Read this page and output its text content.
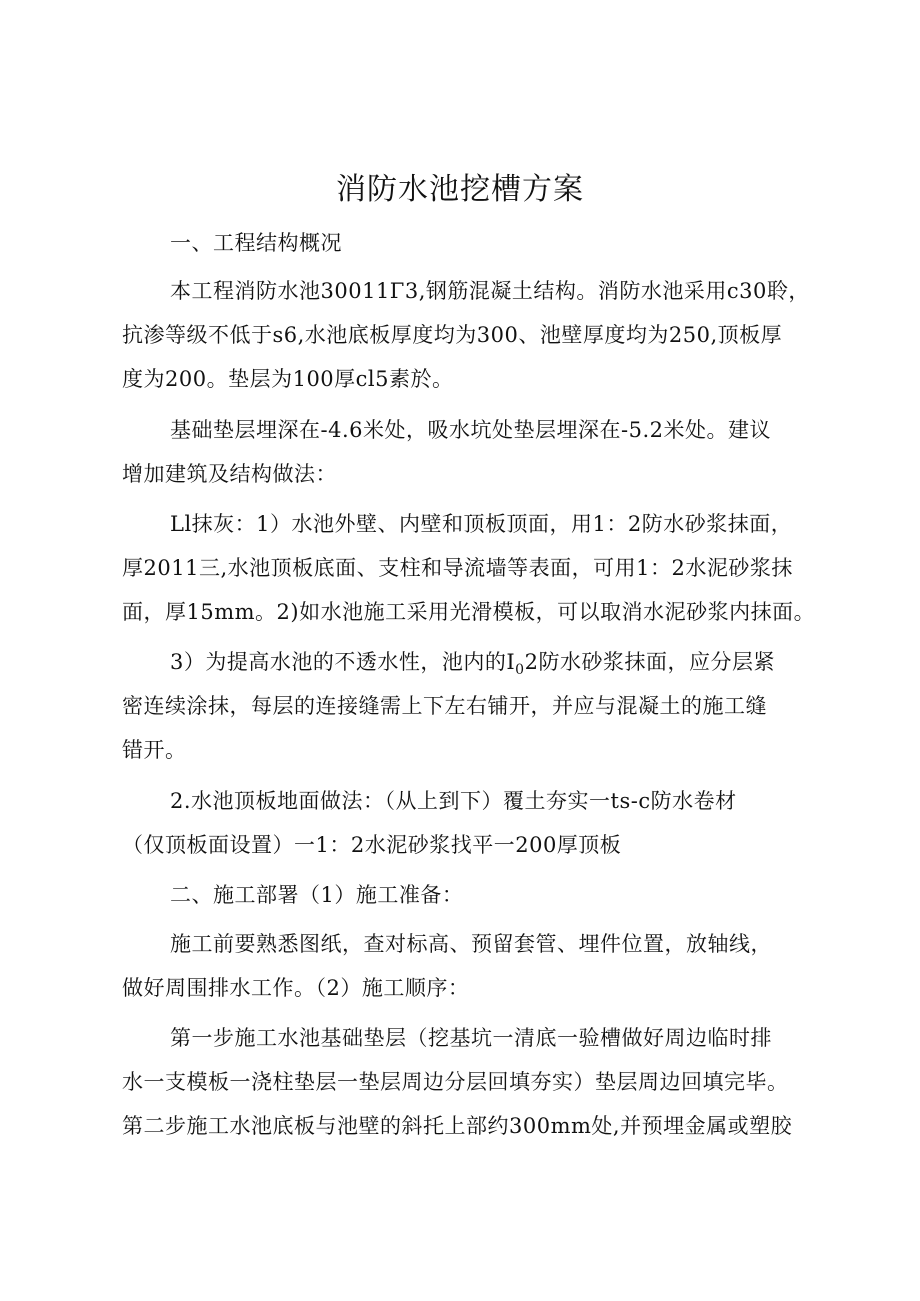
消防水池挖槽方案
一、工程结构概况
本工程消防水池30011Γ3,钢筋混凝土结构。消防水池采用c30聆，
抗渗等级不低于s6,水池底板厚度均为300、池壁厚度均为250,顶板厚
度为200。垫层为100厚cl5素於。
基础垫层埋深在-4.6米处，吸水坑处垫层埋深在-5.2米处。建议
增加建筑及结构做法：
Ll抹灰：1）水池外壁、内壁和顶板顶面，用1：2防水砂浆抹面，
厚2011三,水池顶板底面、支柱和导流墙等表面，可用1：2水泥砂浆抹
面，厚15mm。2)如水池施工采用光滑模板，可以取消水泥砂浆内抹面。
3）为提高水池的不透水性，池内的$I_02$防水砂浆抹面，应分层紧
密连续涂抹，每层的连接缝需上下左右铺开，并应与混凝土的施工缝
错开。
2.水池顶板地面做法：（从上到下）覆土夯实一ts-c防水卷材
（仅顶板面设置）一1：2水泥砂浆找平一200厚顶板
二、施工部署（1）施工准备：
施工前要熟悉图纸，查对标高、预留套管、埋件位置，放轴线，
做好周围排水工作。（2）施工顺序：
第一步施工水池基础垫层（挖基坑一清底一验槽做好周边临时排
水一支模板一浇柱垫层一垫层周边分层回填夯实）垫层周边回填完毕。
第二步施工水池底板与池壁的斜托上部约300mm处,并预埋金属或塑胶
